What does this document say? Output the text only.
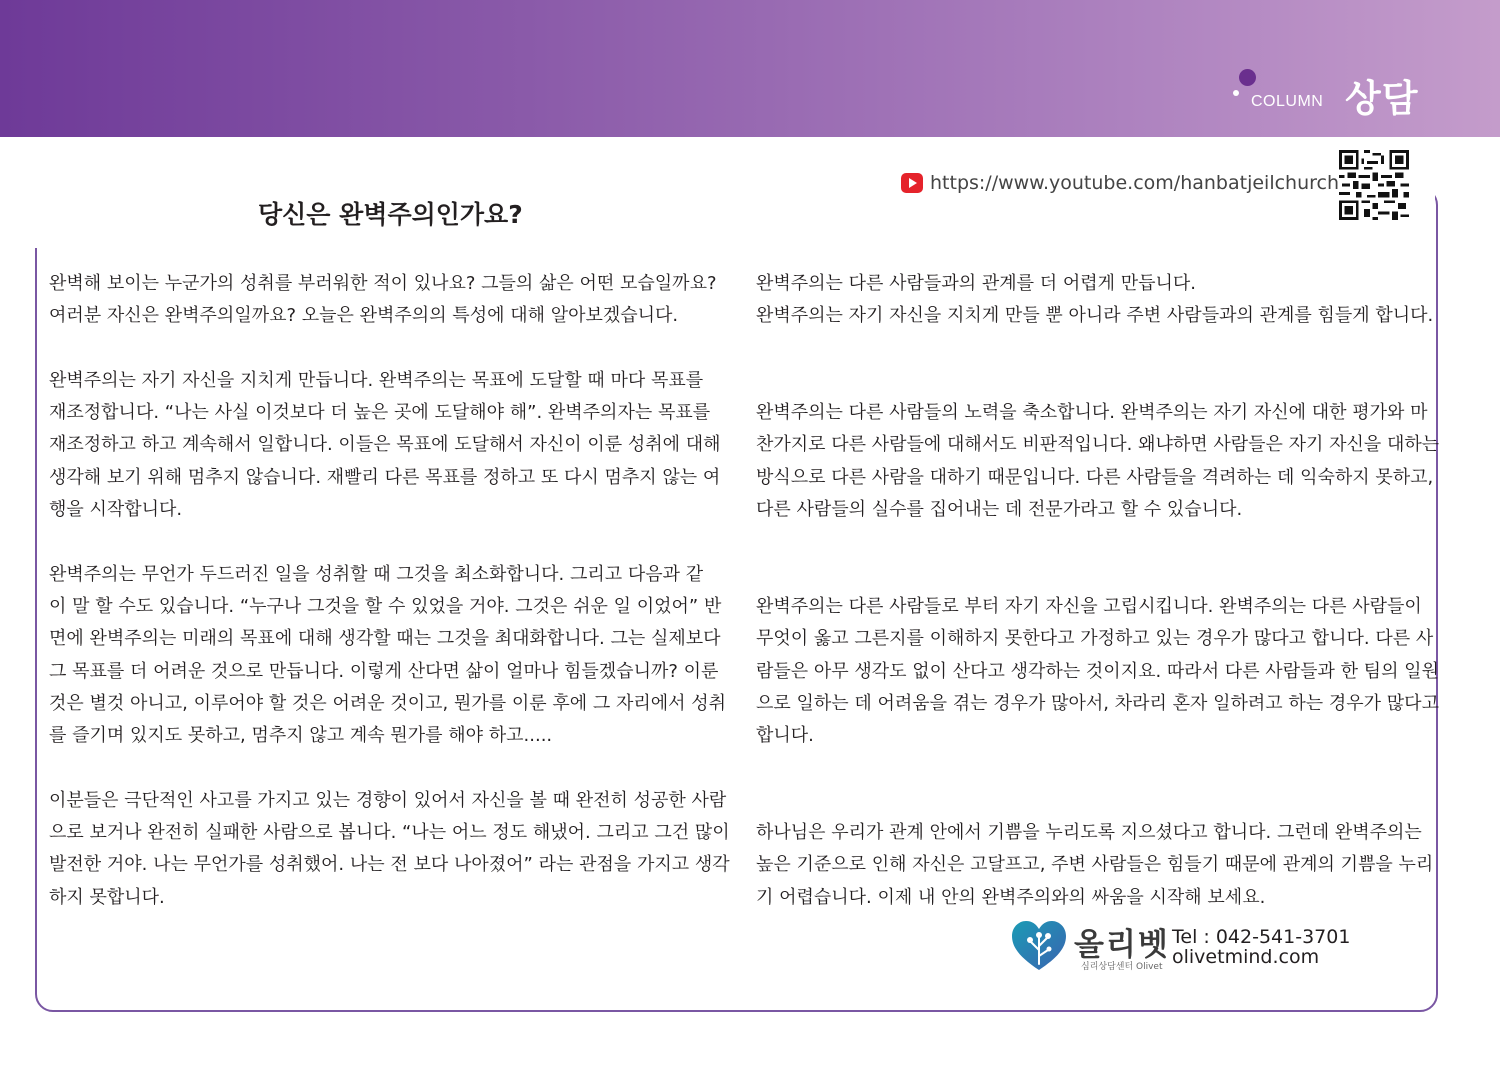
COLUMN 상담
https://www.youtube.com/hanbatjeilchurch
당신은 완벽주의인가요?

완벽해 보이는 누군가의 성취를 부러워한 적이 있나요? 그들의 삶은 어떤 모습일까요?

여러분 자신은 완벽주의일까요? 오늘은 완벽주의의 특성에 대해 알아보겠습니다.

완벽주의는 자기 자신을 지치게 만듭니다. 완벽주의는 목표에 도달할 때 마다 목표를

재조정합니다. “나는 사실 이것보다 더 높은 곳에 도달해야 해”. 완벽주의자는 목표를

재조정하고 하고 계속해서 일합니다. 이들은 목표에 도달해서 자신이 이룬 성취에 대해

생각해 보기 위해 멈추지 않습니다. 재빨리 다른 목표를 정하고 또 다시 멈추지 않는 여

행을 시작합니다.

완벽주의는 무언가 두드러진 일을 성취할 때 그것을 최소화합니다. 그리고 다음과 같

이 말 할 수도 있습니다. “누구나 그것을 할 수 있었을 거야. 그것은 쉬운 일 이었어” 반

면에 완벽주의는 미래의 목표에 대해 생각할 때는 그것을 최대화합니다. 그는 실제보다

그 목표를 더 어려운 것으로 만듭니다. 이렇게 산다면 삶이 얼마나 힘들겠습니까? 이룬

것은 별것 아니고, 이루어야 할 것은 어려운 것이고, 뭔가를 이룬 후에 그 자리에서 성취

를 즐기며 있지도 못하고, 멈추지 않고 계속 뭔가를 해야 하고.....

이분들은 극단적인 사고를 가지고 있는 경향이 있어서 자신을 볼 때 완전히 성공한 사람

으로 보거나 완전히 실패한 사람으로 봅니다. “나는 어느 정도 해냈어. 그리고 그건 많이

발전한 거야. 나는 무언가를 성취했어. 나는 전 보다 나아졌어” 라는 관점을 가지고 생각

하지 못합니다.

완벽주의는 다른 사람들과의 관계를 더 어렵게 만듭니다.

완벽주의는 자기 자신을 지치게 만들 뿐 아니라 주변 사람들과의 관계를 힘들게 합니다.

완벽주의는 다른 사람들의 노력을 축소합니다. 완벽주의는 자기 자신에 대한 평가와 마

찬가지로 다른 사람들에 대해서도 비판적입니다. 왜냐하면 사람들은 자기 자신을 대하는

방식으로 다른 사람을 대하기 때문입니다. 다른 사람들을 격려하는 데 익숙하지 못하고,

다른 사람들의 실수를 집어내는 데 전문가라고 할 수 있습니다.

완벽주의는 다른 사람들로 부터 자기 자신을 고립시킵니다. 완벽주의는 다른 사람들이

무엇이 옳고 그른지를 이해하지 못한다고 가정하고 있는 경우가 많다고 합니다. 다른 사

람들은 아무 생각도 없이 산다고 생각하는 것이지요. 따라서 다른 사람들과 한 팀의 일원

으로 일하는 데 어려움을 겪는 경우가 많아서, 차라리 혼자 일하려고 하는 경우가 많다고

합니다.

하나님은 우리가 관계 안에서 기쁨을 누리도록 지으셨다고 합니다. 그런데 완벽주의는

높은 기준으로 인해 자신은 고달프고, 주변 사람들은 힘들기 때문에 관계의 기쁨을 누리

기 어렵습니다. 이제 내 안의 완벽주의와의 싸움을 시작해 보세요.

올리벳
심리상담센터 Olivet
Tel : 042-541-3701
olivetmind.com
